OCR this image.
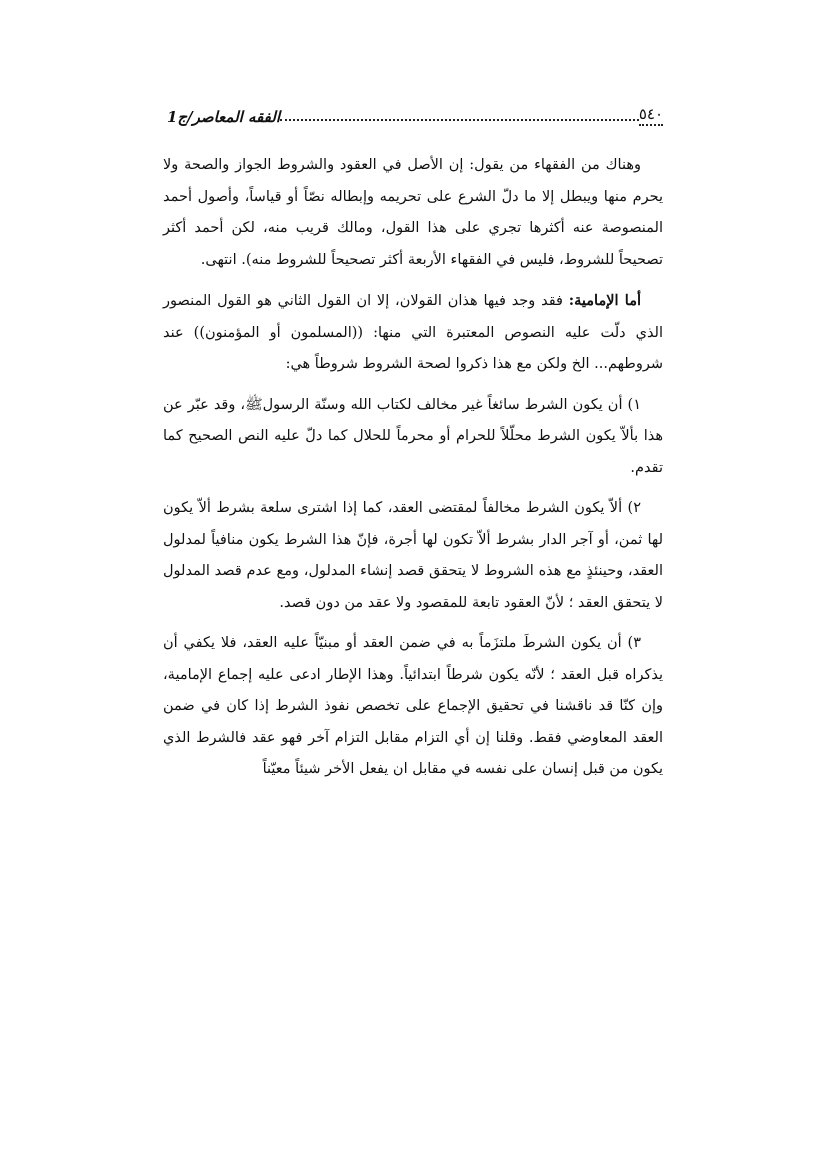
٥٤٠
الفقه المعاصر/ج1

وهناك من الفقهاء من يقول: إن الأصل في العقود والشروط الجواز والصحة ولا يحرم منها ويبطل إلا ما دلّ الشرع على تحريمه وإبطاله نصّاً أو قياساً، وأصول أحمد المنصوصة عنه أكثرها تجري على هذا القول، ومالك قريب منه، لكن أحمد أكثر تصحيحاً للشروط، فليس في الفقهاء الأربعة أكثر تصحيحاً للشروط منه). انتهى.

أما الإمامية: فقد وجد فيها هذان القولان، إلا ان القول الثاني هو القول المنصور الذي دلّت عليه النصوص المعتبرة التي منها: ((المسلمون أو المؤمنون)) عند شروطهم... الخ ولكن مع هذا ذكروا لصحة الشروط شروطاً هي:

١) أن يكون الشرط سائغاً غير مخالف لكتاب الله وسنّة الرسولﷺ، وقد عبّر عن هذا بألاّ يكون الشرط محلّلاً للحرام أو محرماً للحلال كما دلّ عليه النص الصحيح كما تقدم.

٢) ألاّ يكون الشرط مخالفاً لمقتضى العقد، كما إذا اشترى سلعة بشرط ألاّ يكون لها ثمن، أو آجر الدار بشرط ألاّ تكون لها أجرة، فإنّ هذا الشرط يكون منافياً لمدلول العقد، وحينئذٍ مع هذه الشروط لا يتحقق قصد إنشاء المدلول، ومع عدم قصد المدلول لا يتحقق العقد ؛ لأنّ العقود تابعة للمقصود ولا عقد من دون قصد.

٣) أن يكون الشرطَ ملتزَماً به في ضمن العقد أو مبنيّاً عليه العقد، فلا يكفي أن يذكراه قبل العقد ؛ لأنّه يكون شرطاً ابتدائياً. وهذا الإطار ادعى عليه إجماع الإمامية، وإن كنّا قد ناقشنا في تحقيق الإجماع على تخصص نفوذ الشرط إذا كان في ضمن العقد المعاوضي فقط. وقلنا إن أي التزام مقابل التزام آخر فهو عقد فالشرط الذي يكون من قبل إنسان على نفسه في مقابل ان يفعل الأخر شيئاً معيّناً
